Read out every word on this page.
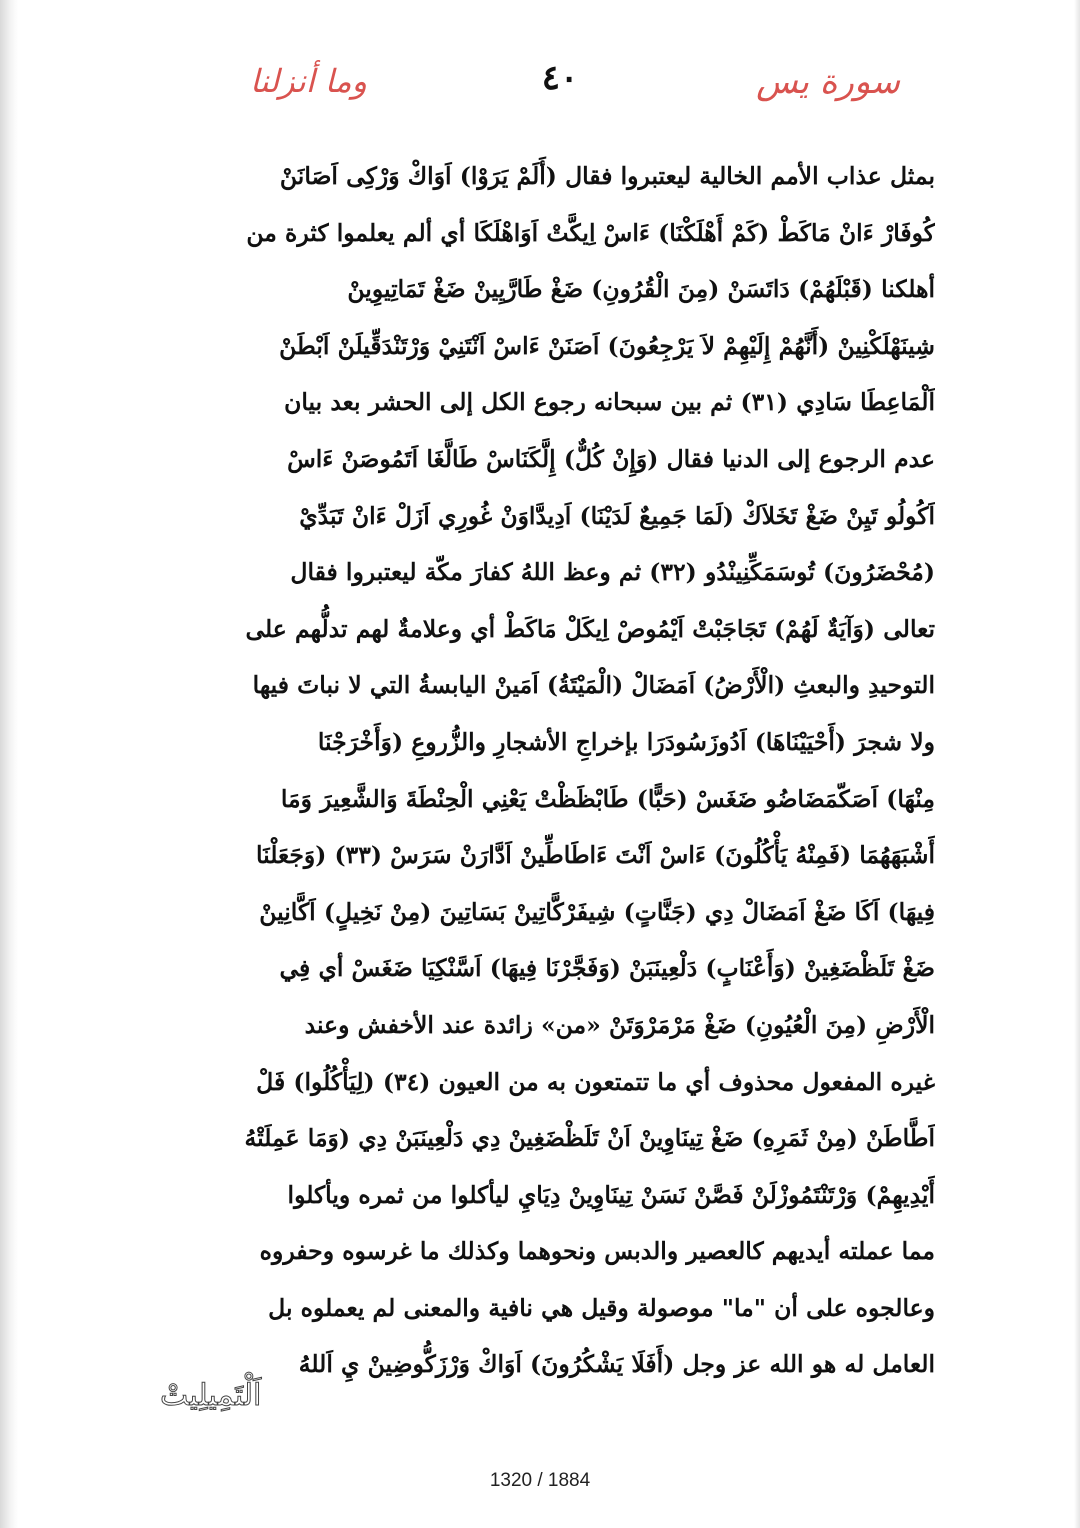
سورة يس
٤٠
وما أنزلنا
بمثل عذاب الأمم الخالية ليعتبروا فقال (أَلَمْ يَرَوْا) اَوَاكْ وَرْكِى اَصَانَنْ
كُوفَارْ ءَانْ مَاكَطْ (كَمْ أَهْلَكْنَا) ءَاسْ اِيكَّتْ اَوَاهْلَكَا أي ألم يعلموا كثرة من
أهلكنا (قَبْلَهُمْ) دَاتَسَنْ (مِنَ الْقُرُونِ) ضَغْ طَارَّيِينْ ضَغْ تَمَاتِيوِينْ
شِينَهْلَكْنِينْ (أَنَّهُمْ إِلَيْهِمْ لاَ يَرْجِعُونَ) اَصَنَنْ ءَاسْ اَنْتَنِيْ وَرْتَنْدَقِّيلَنْ اَبْطَنْ
اَلْمَاعِطَا سَادِي (٣١) ثم بين سبحانه رجوع الكل إلى الحشر بعد بيان
عدم الرجوع إلى الدنيا فقال (وَإِنْ كُلٌّ) إِلَّكَنَاسْ طَالَّغَا اَتَمُوصَنْ ءَاسْ
اَكُولُو تَيِنْ ضَغْ تَخَلاَكْ (لَمَا جَمِيعٌ لَدَيْنَا) اَدِيدَّاوَنْ غُورِي اَزَلْ ءَانْ تَبَدِّيْ
(مُحْضَرُونَ) تُوسَمَكِّنِينْدُو (٣٢) ثم وعظ اللهُ كفارَ مكّة ليعتبروا فقال
تعالى (وَآيَةٌ لَهُمْ) تَجَاجَبْتْ اَيْمُوصْ اِيكَلْ مَاكَطْ أي وعلامةٌ لهم تدلُّهم على
التوحيدِ والبعثِ (الْأَرْضُ) اَمَضَالْ (الْمَيْتَةُ) اَمَينْ اليابسةُ التي لا نباتَ فيها
ولا شجرَ (أَحْيَيْنَاهَا) اَدُوزَسُودَرَا بإخراجِ الأشجارِ والزُّروعِ (وَأَخْرَجْنَا
مِنْهَا) اَصَكّمَضَاضُو ضَغَسْ (حَبًّا) طَابْظَظْتْ يَعْنِي الْحِنْطَةَ وَالشَّعِيرَ وَمَا
أَشْبَهَهُمَا (فَمِنْهُ يَأْكُلُونَ) ءَاسْ اَنْتَ ءَاطَاطِّينْ اَدَّارَنْ سَرَسْ (٣٣) (وَجَعَلْنَا
فِيهَا) اَكَا ضَغْ اَمَضَالْ دِي (جَنَّاتٍ) شِيفَرْكَّاتِينْ بَسَاتِينَ (مِنْ نَخِيلٍ) اَكَّانِينْ
ضَغْ تَلَظْضَغِينْ (وَأَعْنَابٍ) دَلْعِينَبَنْ (وَفَجَّرْنَا فِيهَا) اَسَّنْكِيَا ضَغَسْ أي فِي
الْأَرْضِ (مِنَ الْعُيُونِ) ضَغْ مَرْمَرْوَتَنْ «من» زائدة عند الأخفش وعند
غيره المفعول محذوف أي ما تتمتعون به من العيون (٣٤) (لِيَأْكُلُوا) فَلْ
اَطَّاطَنْ (مِنْ ثَمَرِهِ) ضَغْ تِينَاوِينْ اَنْ تَلَظْضَغِينْ دِي دَلْعِينَبَنْ دِي (وَمَا عَمِلَتْهُ
أَيْدِيهِمْ) وَرْتَنْتَمُوزْلَنْ فَصَّنْ نَسَنْ تِينَاوِينْ دِيَايِ ليأكلوا من ثمره ويأكلوا
مما عملته أيديهم كالعصير والدبس ونحوهما وكذلك ما غرسوه وحفروه
وعالجوه على أن "ما" موصولة وقيل هي نافية والمعنى لم يعملوه بل
العامل له هو الله عز وجل (أَفَلَا يَشْكُرُونَ) اَوَاكْ وَرْزَكُّوضِينْ يِ اَللهُ
اَلْتَمِيلِيتْ
1320 / 1884
